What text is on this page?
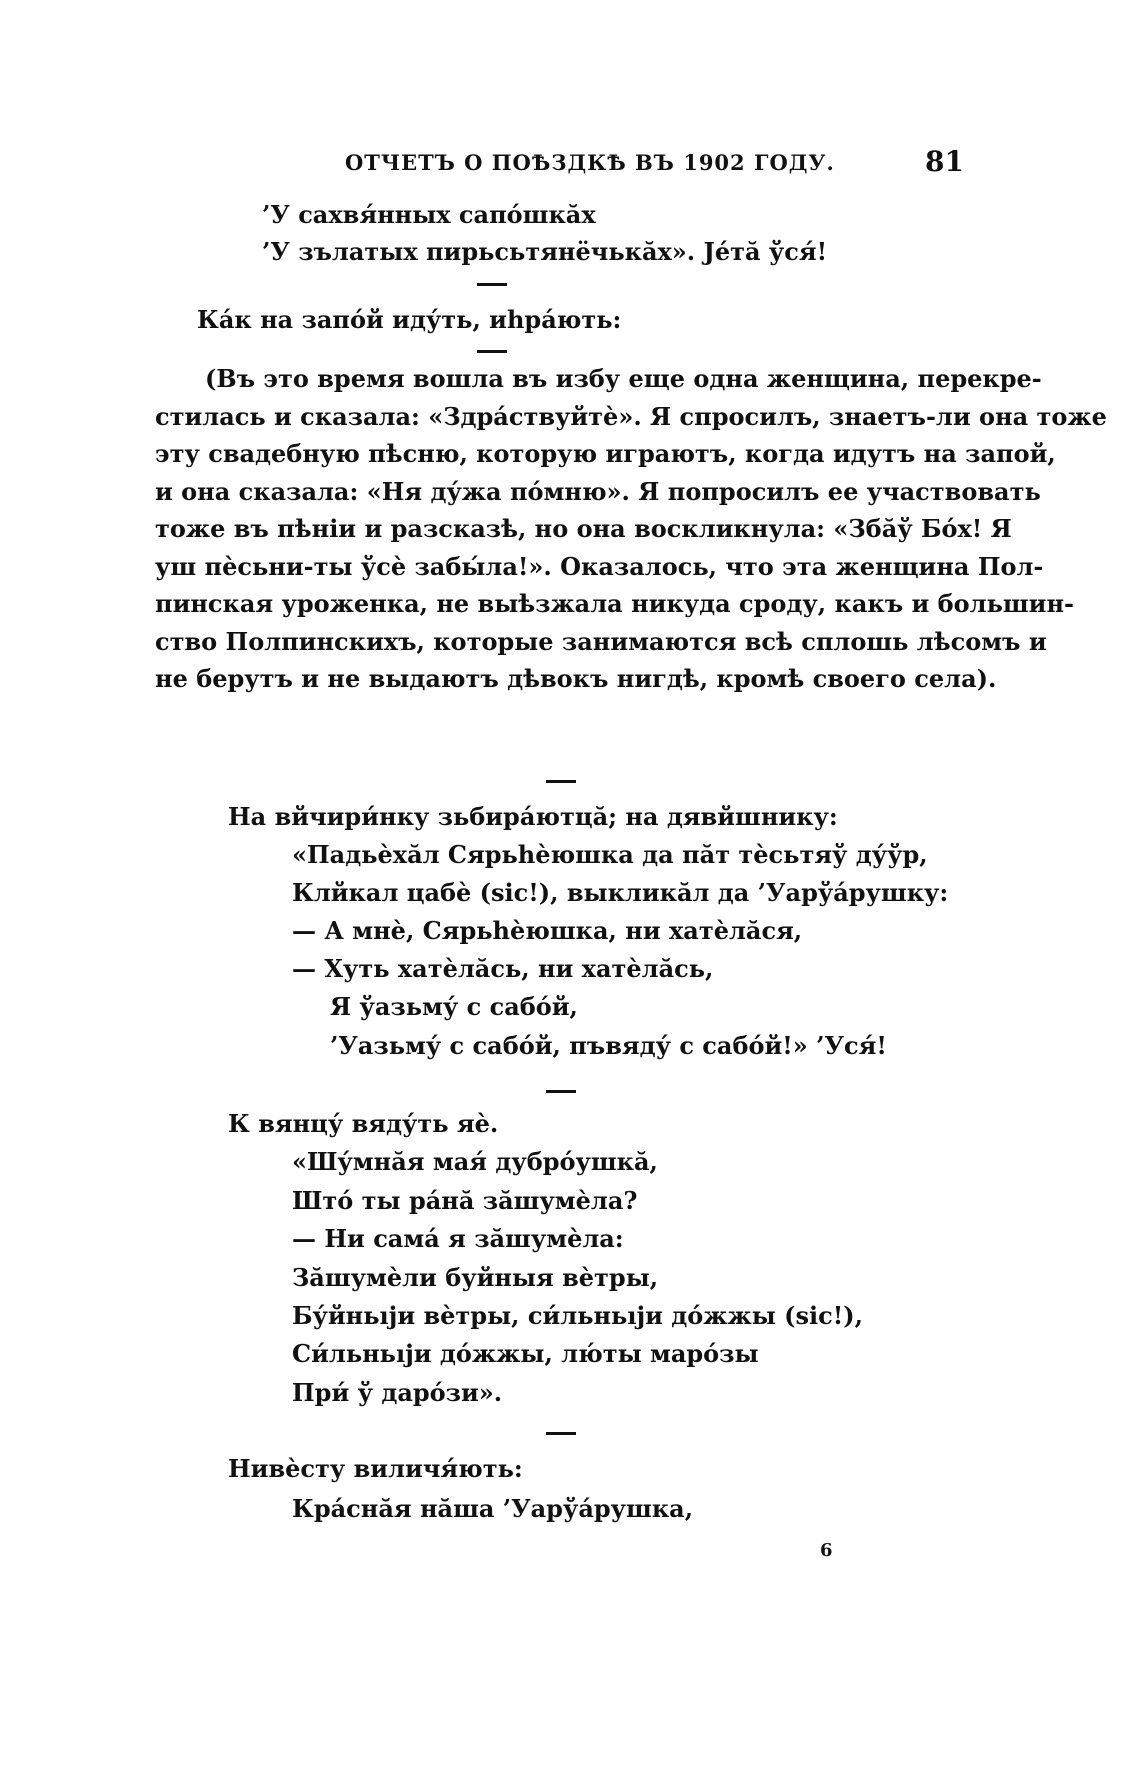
ОТЧЕТЪ О ПОѢЗДКѢ ВЪ 1902 ГОДУ.	81
’У сахвя́нных сапо́шкăх
’У зълатых пирьсьтянёчькăх». Jе́тă ўся́!
Ка́к на запо́й иду́ть, иhра́ють:
(Въ это время вошла въ избу еще одна женщина, перекре-
стилась и сказала: «Здра́ствуйтѐ». Я спросилъ, знаетъ-ли она тоже
эту свадебную пѣсню, которую играютъ, когда идутъ на запой,
и она сказала: «Ня ду́жа по́мню». Я попросилъ ее участвовать
тоже въ пѣніи и разсказѣ, но она воскликнула: «Збăў Бо́х! Я
уш пѐсьни-ты ўсѐ забы́ла!». Оказалось, что эта женщина Пол-
пинская уроженка, не выѣзжала никуда сроду, какъ и большин-
ство Полпинскихъ, которые занимаются всѣ сплошь лѣсомъ и
не берутъ и не выдаютъ дѣвокъ нигдѣ, кромѣ своего села).
На вйчири́нку зьбира́ютцă; на дявйшнику:
«Падьѐхăл Сярьhѐюшка да пăт тѐсьтяў ду́ўр,
Клйкал цабѐ (sic!), выкликăл да ’Уарўа́рушку:
— А мнѐ, Сярьhѐюшка, ни хатѐлăся,
— Хуть хатѐлăсь, ни хатѐлăсь,
Я ўазьму́ с сабо́й,
’Уазьму́ с сабо́й, пъвяду́ с сабо́й!» ’Уся́!
К вянцу́ вяду́ть яѐ.
«Шу́мнăя мая́ дубро́ушкă,
Што́ ты ра́нă зăшумѐла?
— Ни самá я зăшумѐла:
Зăшумѐли буйныя вѐтры,
Бу́йньıjи вѐтры, си́льньıjи до́жжы (sic!),
Си́льньıjи до́жжы, лю́ты маро́зы
При́ ў даро́зи».
Нивѐсту виличя́ють:
Кра́снăя нăша ’Уарўа́рушка,
6
